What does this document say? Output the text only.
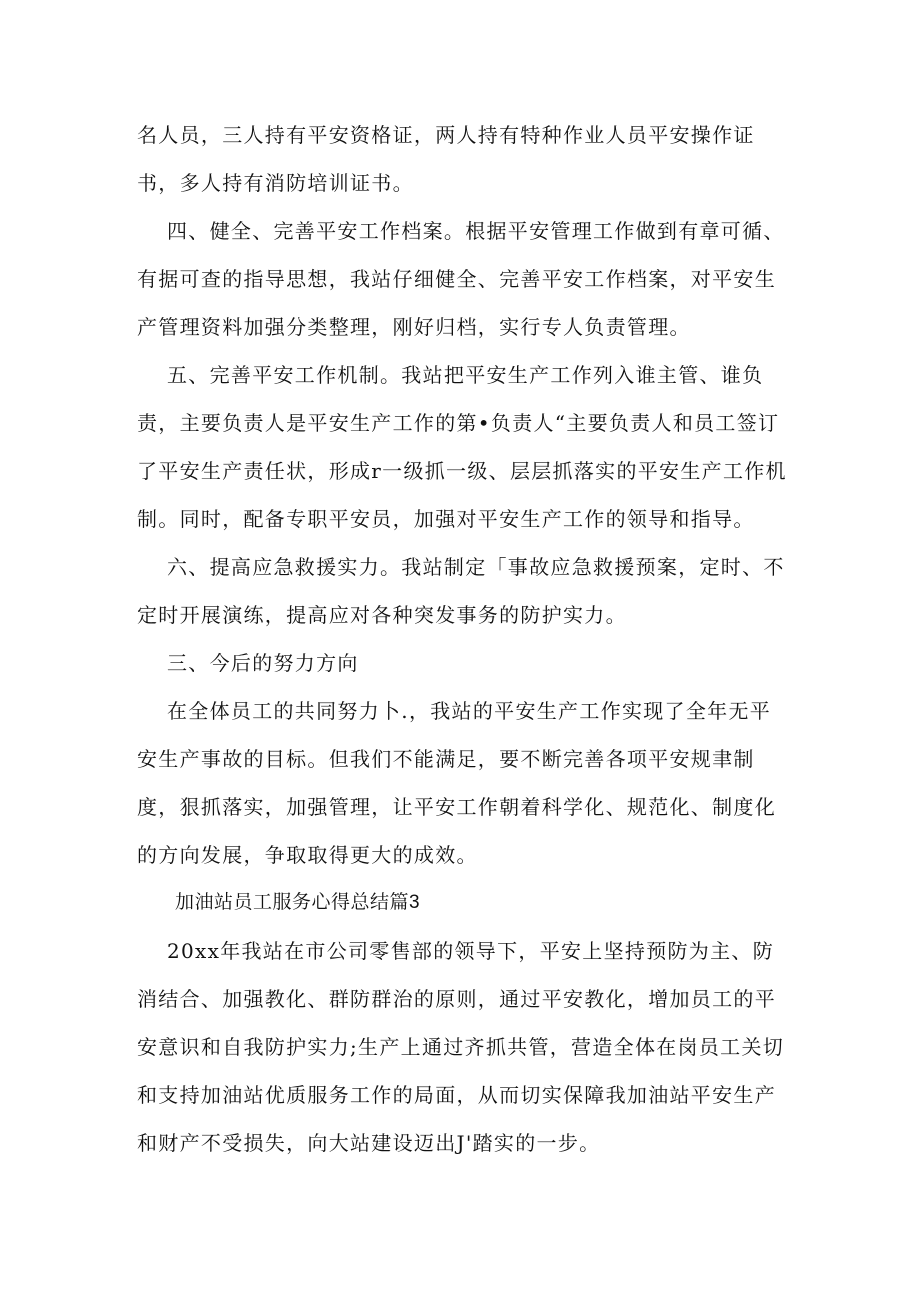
名人员，三人持有平安资格证，两人持有特种作业人员平安操作证书，多人持有消防培训证书。

四、健全、完善平安工作档案。根据平安管理工作做到有章可循、有据可查的指导思想，我站仔细健全、完善平安工作档案，对平安生产管理资料加强分类整理，刚好归档，实行专人负责管理。

五、完善平安工作机制。我站把平安生产工作列入谁主管、谁负责，主要负责人是平安生产工作的第•负责人“主要负责人和员工签订了平安生产责任状，形成r一级抓一级、层层抓落实的平安生产工作机制。同时，配备专职平安员，加强对平安生产工作的领导和指导。

六、提高应急救援实力。我站制定「事故应急救援预案，定时、不定时开展演练，提高应对各种突发事务的防护实力。

三、今后的努力方向

在全体员工的共同努力卜.，我站的平安生产工作实现了全年无平安生产事故的目标。但我们不能满足，要不断完善各项平安规聿制度，狠抓落实，加强管理，让平安工作朝着科学化、规范化、制度化的方向发展，争取取得更大的成效。

加油站员工服务心得总结篇3

20xx年我站在市公司零售部的领导下，平安上坚持预防为主、防消结合、加强教化、群防群治的原则，通过平安教化，增加员工的平安意识和自我防护实力;生产上通过齐抓共管，营造全体在岗员工关切和支持加油站优质服务工作的局面，从而切实保障我加油站平安生产和财产不受损失，向大站建设迈出J'踏实的一步。
